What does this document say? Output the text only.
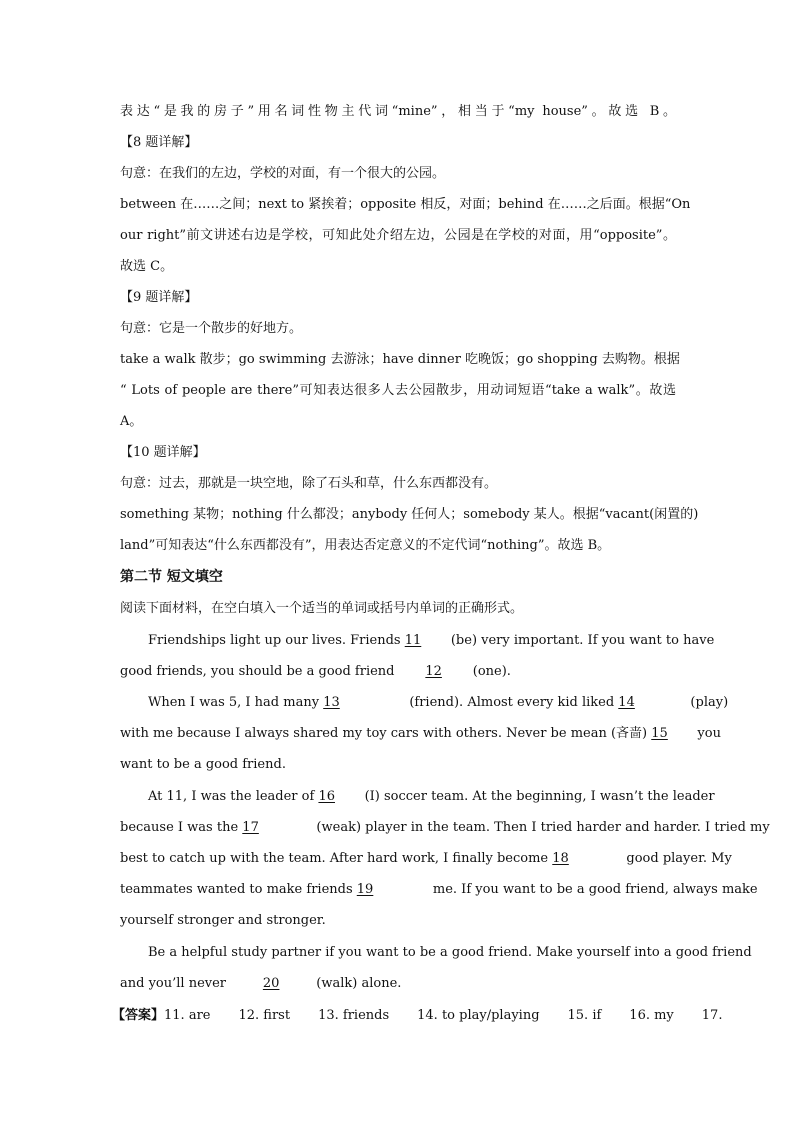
表达“是我的房子”用名词性物主代词“mine”，相当于“my house”。故选 B。
【8 题详解】
句意：在我们的左边，学校的对面，有一个很大的公园。
between 在……之间；next to 紧挨着；opposite 相反，对面；behind 在……之后面。根据“On
our right”前文讲述右边是学校，可知此处介绍左边，公园是在学校的对面，用“opposite”。
故选 C。
【9 题详解】
句意：它是一个散步的好地方。
take a walk 散步；go swimming 去游泳；have dinner 吃晚饭；go shopping 去购物。根据
“ Lots of people are there”可知表达很多人去公园散步，用动词短语“take a walk”。故选
A。
【10 题详解】
句意：过去，那就是一块空地，除了石头和草，什么东西都没有。
something 某物；nothing 什么都没；anybody 任何人；somebody 某人。根据“vacant(闲置的)
land”可知表达“什么东西都没有”，用表达否定意义的不定代词“nothing”。故选 B。
第二节 短文填空
阅读下面材料，在空白填入一个适当的单词或括号内单词的正确形式。
Friendships light up our lives. Friends 11 (be) very important. If you want to have
good friends, you should be a good friend 12 (one).
When I was 5, I had many 13	(friend). Almost every kid liked 14	(play)
with me because I always shared my toy cars with others. Never be mean (吝啬) 15 you
want to be a good friend.
At 11, I was the leader of 16 (I) soccer team. At the beginning, I wasn’t the leader
because I was the 17	(weak) player in the team. Then I tried harder and harder. I tried my
best to catch up with the team. After hard work, I finally become 18	good player. My
teammates wanted to make friends 19	me. If you want to be a good friend, always make
yourself stronger and stronger.
Be a helpful study partner if you want to be a good friend. Make yourself into a good friend
and you’ll never	20	(walk) alone.
【答案】11. are 12. first 13. friends 14. to play/playing 15. if 16. my 17.
